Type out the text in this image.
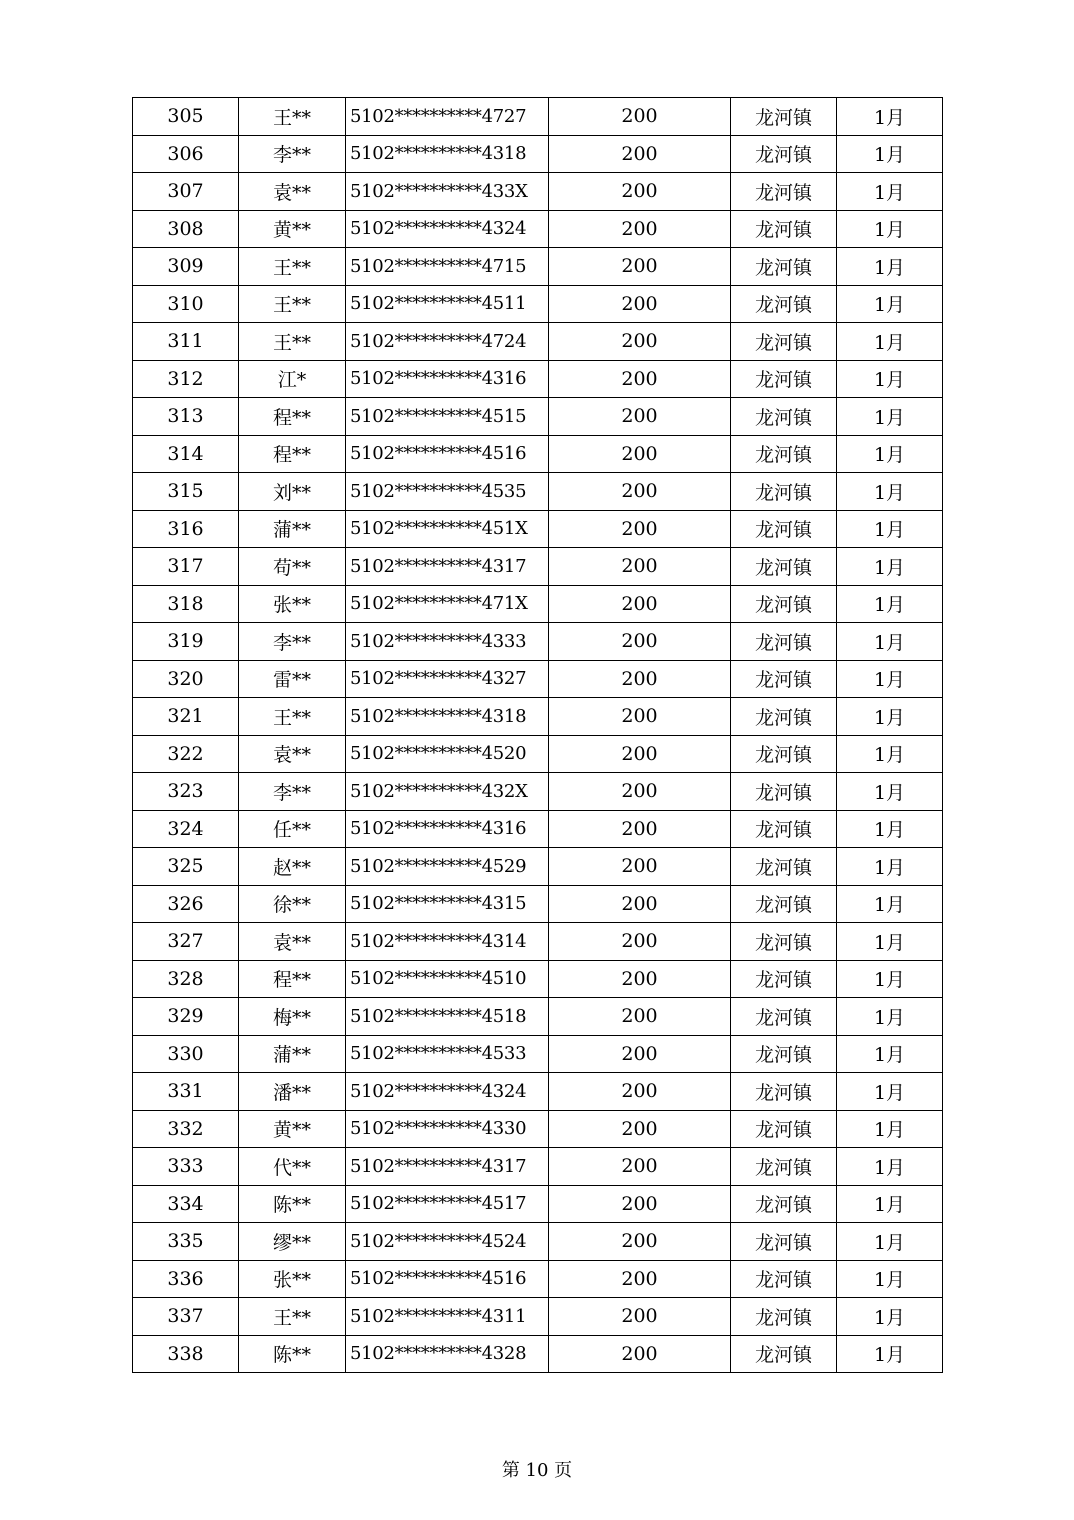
305	王**	5102**********4727	200	龙河镇	1月
306	李**	5102**********4318	200	龙河镇	1月
307	袁**	5102**********433X	200	龙河镇	1月
308	黄**	5102**********4324	200	龙河镇	1月
309	王**	5102**********4715	200	龙河镇	1月
310	王**	5102**********4511	200	龙河镇	1月
311	王**	5102**********4724	200	龙河镇	1月
312	江*	5102**********4316	200	龙河镇	1月
313	程**	5102**********4515	200	龙河镇	1月
314	程**	5102**********4516	200	龙河镇	1月
315	刘**	5102**********4535	200	龙河镇	1月
316	蒲**	5102**********451X	200	龙河镇	1月
317	苟**	5102**********4317	200	龙河镇	1月
318	张**	5102**********471X	200	龙河镇	1月
319	李**	5102**********4333	200	龙河镇	1月
320	雷**	5102**********4327	200	龙河镇	1月
321	王**	5102**********4318	200	龙河镇	1月
322	袁**	5102**********4520	200	龙河镇	1月
323	李**	5102**********432X	200	龙河镇	1月
324	任**	5102**********4316	200	龙河镇	1月
325	赵**	5102**********4529	200	龙河镇	1月
326	徐**	5102**********4315	200	龙河镇	1月
327	袁**	5102**********4314	200	龙河镇	1月
328	程**	5102**********4510	200	龙河镇	1月
329	梅**	5102**********4518	200	龙河镇	1月
330	蒲**	5102**********4533	200	龙河镇	1月
331	潘**	5102**********4324	200	龙河镇	1月
332	黄**	5102**********4330	200	龙河镇	1月
333	代**	5102**********4317	200	龙河镇	1月
334	陈**	5102**********4517	200	龙河镇	1月
335	缪**	5102**********4524	200	龙河镇	1月
336	张**	5102**********4516	200	龙河镇	1月
337	王**	5102**********4311	200	龙河镇	1月
338	陈**	5102**********4328	200	龙河镇	1月
第 10 页
